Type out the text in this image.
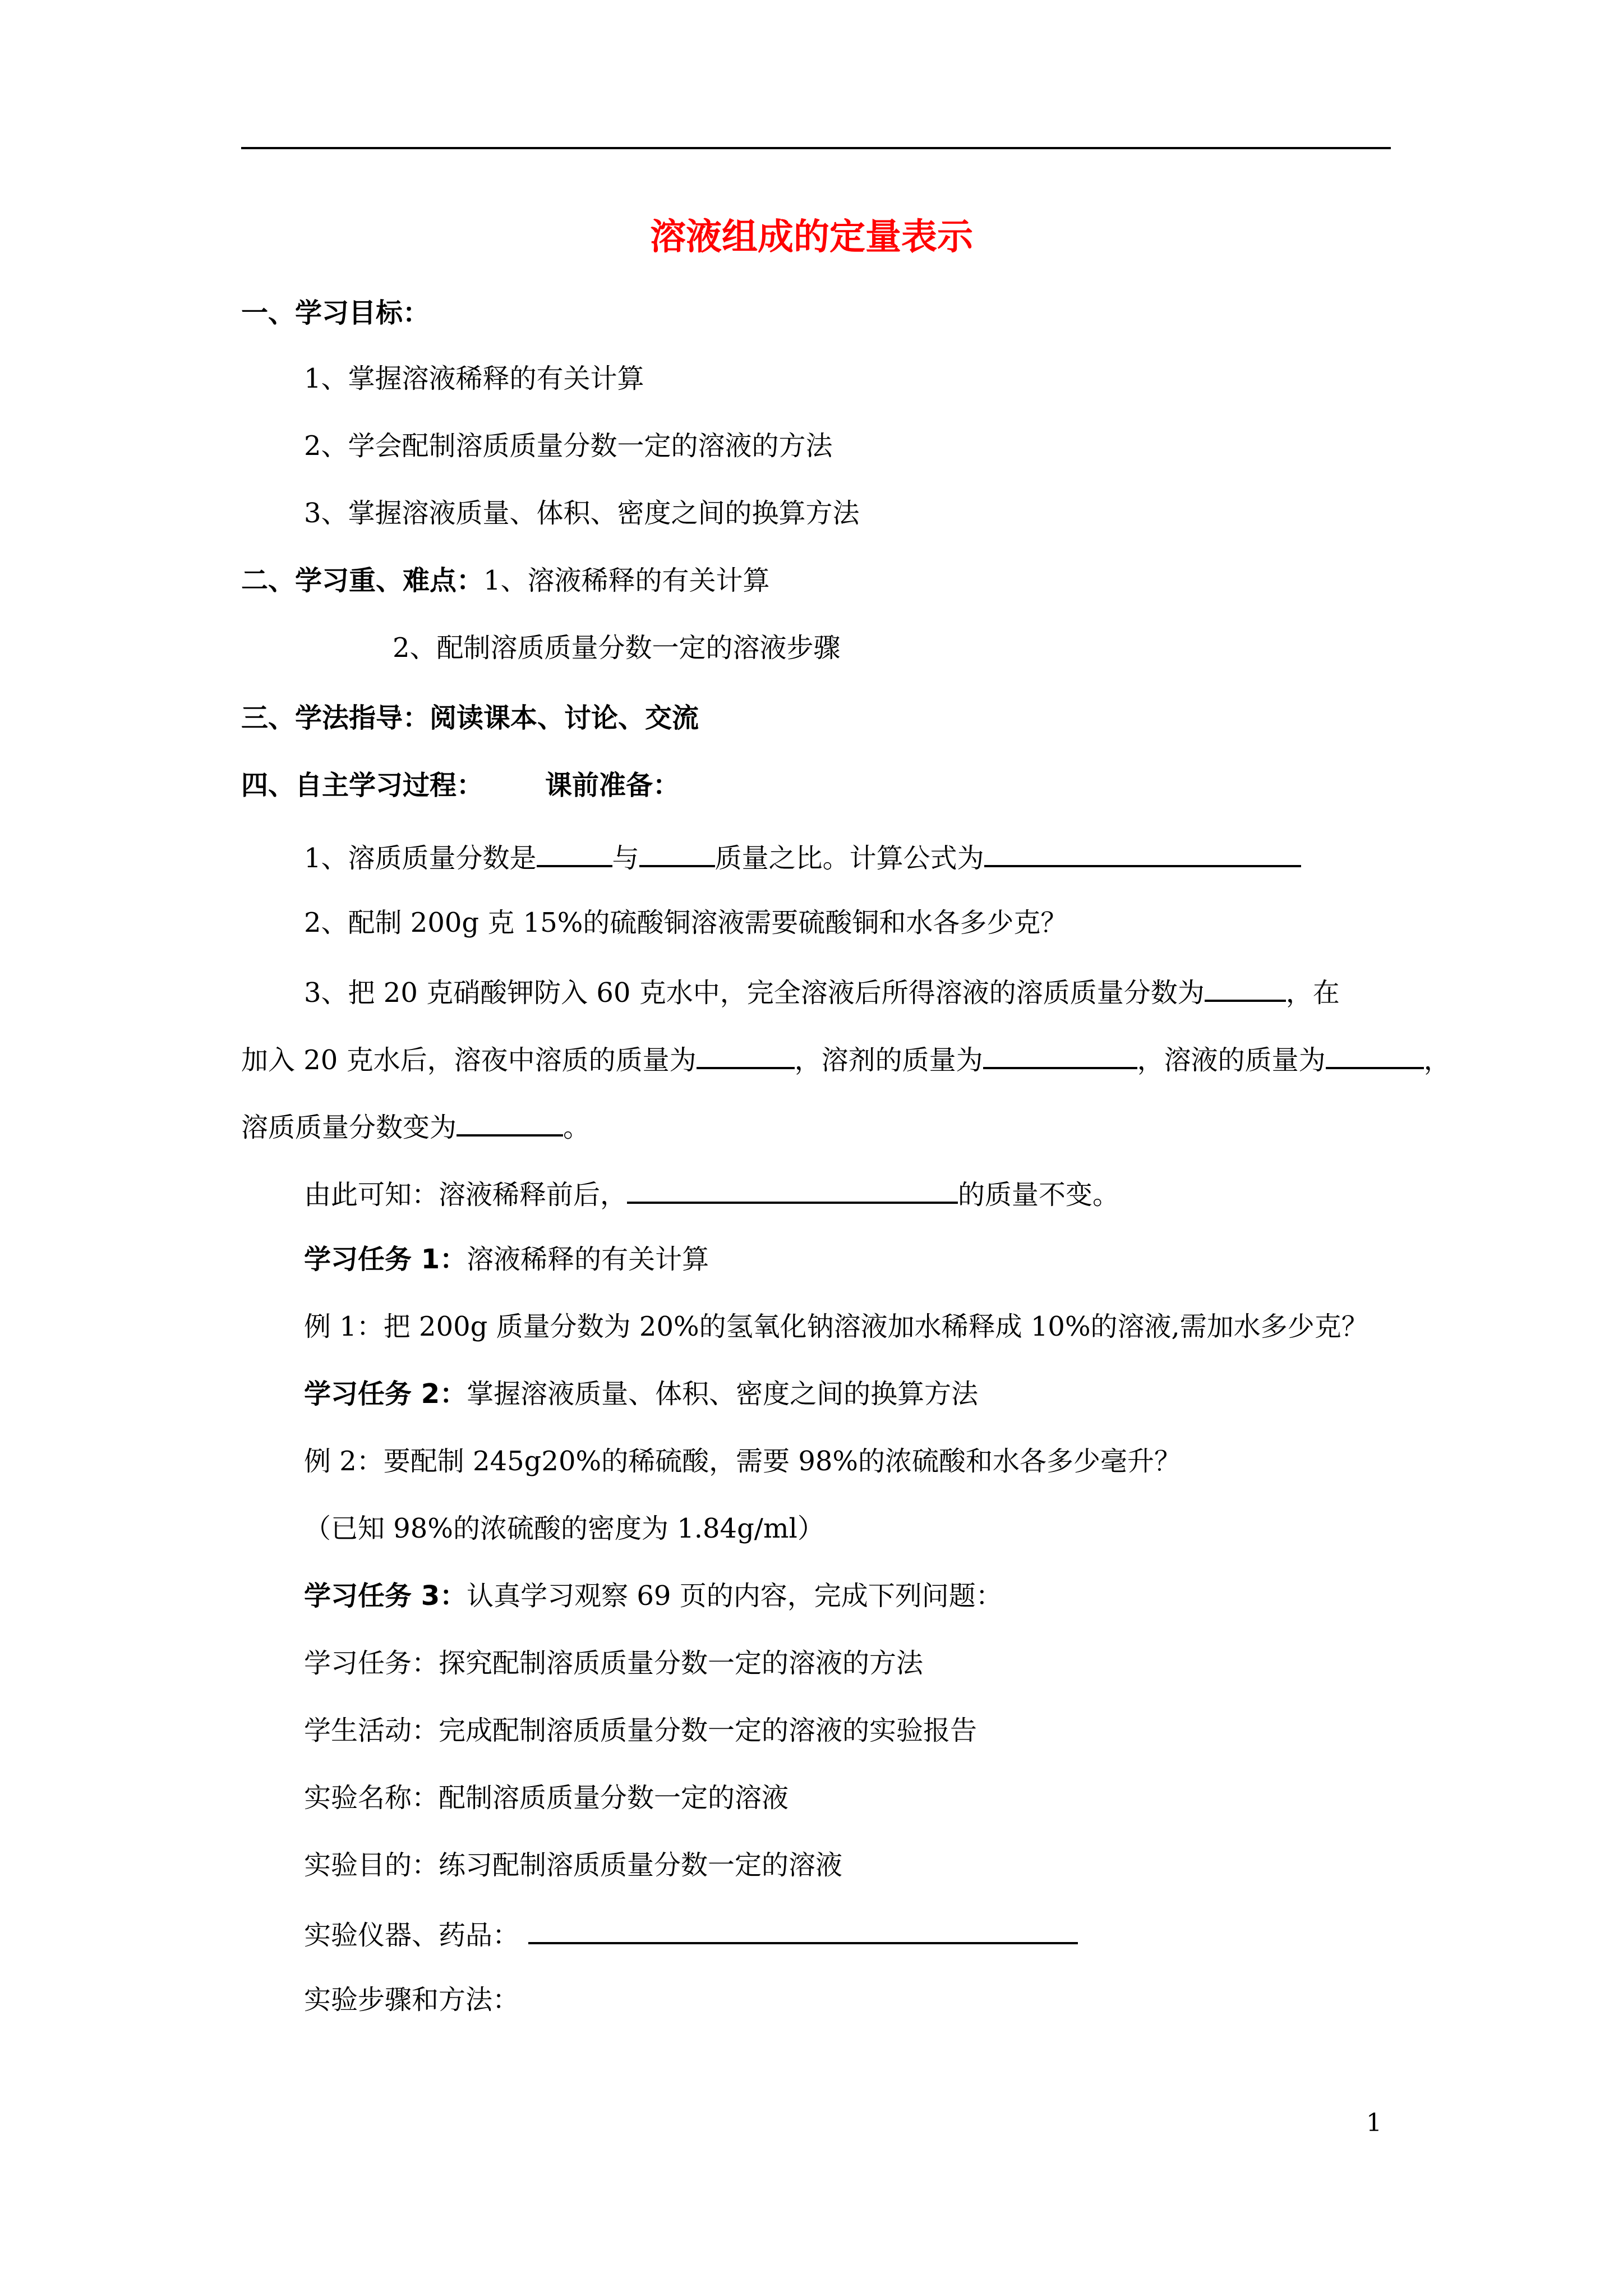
溶液组成的定量表示
一、学习目标：
1、掌握溶液稀释的有关计算
2、学会配制溶质质量分数一定的溶液的方法
3、掌握溶液质量、体积、密度之间的换算方法
二、学习重、难点：1、溶液稀释的有关计算
2、配制溶质质量分数一定的溶液步骤
三、学法指导：阅读课本、讨论、交流
四、自主学习过程： 课前准备：
1、溶质质量分数是	与	质量之比。计算公式为
2、配制 200g 克 15%的硫酸铜溶液需要硫酸铜和水各多少克？
3、把 20 克硝酸钾防入 60 克水中，完全溶液后所得溶液的溶质质量分数为	，在
加入 20 克水后，溶夜中溶质的质量为	，溶剂的质量为	，溶液的质量为	，
溶质质量分数变为	。
由此可知：溶液稀释前后，	的质量不变。
学习任务 1：溶液稀释的有关计算
例 1：把 200g 质量分数为 20%的氢氧化钠溶液加水稀释成 10%的溶液,需加水多少克？
学习任务 2：掌握溶液质量、体积、密度之间的换算方法
例 2：要配制 245g20%的稀硫酸，需要 98%的浓硫酸和水各多少毫升？
（已知 98%的浓硫酸的密度为 1.84g/ml）
学习任务 3：认真学习观察 69 页的内容，完成下列问题：
学习任务：探究配制溶质质量分数一定的溶液的方法
学生活动：完成配制溶质质量分数一定的溶液的实验报告
实验名称：配制溶质质量分数一定的溶液
实验目的：练习配制溶质质量分数一定的溶液
实验仪器、药品：
实验步骤和方法：
1
